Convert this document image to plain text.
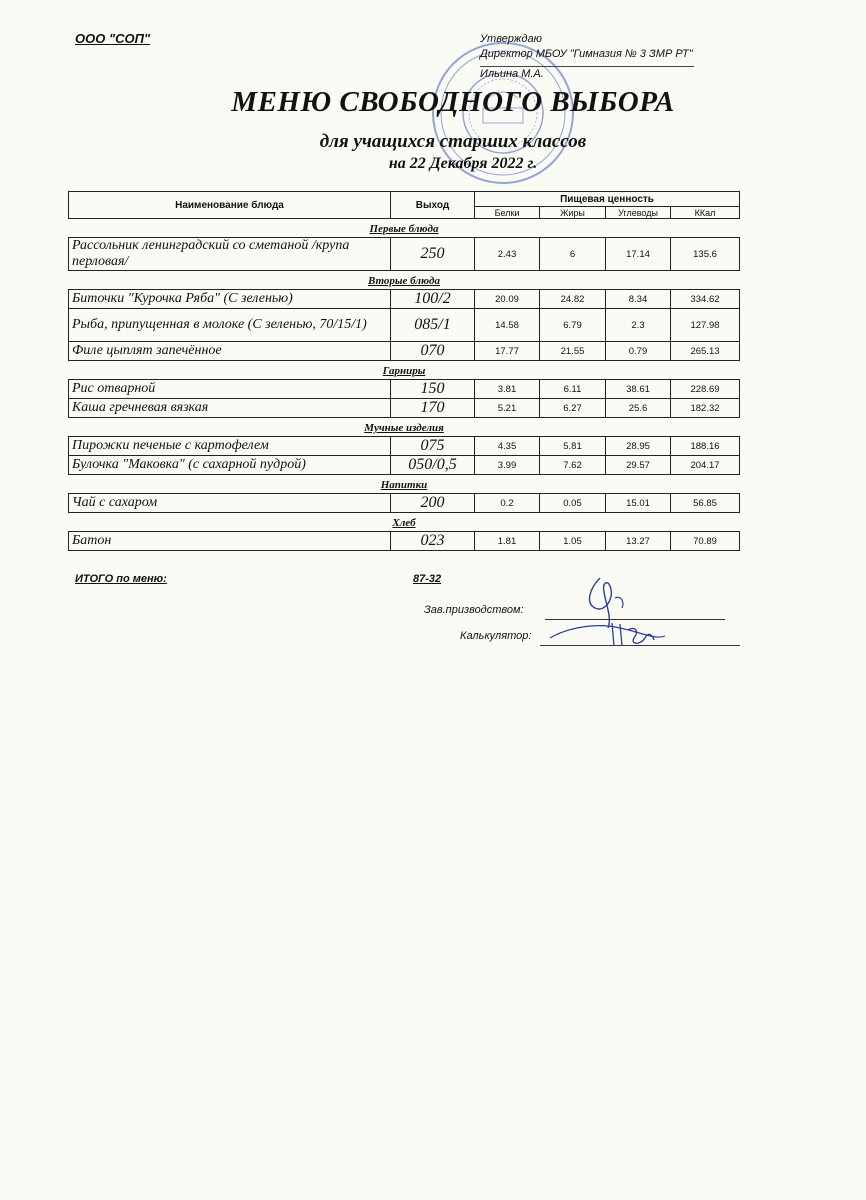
ООО "СОП"	Утверждаю
Директор МБОУ "Гимназия № 3 ЗМР РТ"
Ильина М.А.
МЕНЮ СВОБОДНОГО ВЫБОРА
для учащихся старших классов
на 22 Декабря 2022 г.
Наименование блюда	Выход	Пищевая ценность			
		Белки	Жиры	Углеводы	ККал
Первые блюда					
Рассольник ленинградский со сметаной /крупа перловая/	250	2.43	6	17.14	135.6
Вторые блюда					
Биточки "Курочка Ряба" (С зеленью)	100/2	20.09	24.82	8.34	334.62
Рыба, припущенная в молоке (С зеленью, 70/15/1)	085/1	14.58	6.79	2.3	127.98
Филе цыплят запечённое	070	17.77	21.55	0.79	265.13
Гарниры					
Рис отварной	150	3.81	6.11	38.61	228.69
Каша гречневая вязкая	170	5.21	6.27	25.6	182.32
Мучные изделия					
Пирожки печеные с картофелем	075	4.35	5.81	28.95	188.16
Булочка "Маковка" (с сахарной пудрой)	050/0,5	3.99	7.62	29.57	204.17
Напитки					
Чай с сахаром	200	0.2	0.05	15.01	56.85
Хлеб					
Батон	023	1.81	1.05	13.27	70.89
ИТОГО по меню:	87-32
Зав.призводством:
Калькулятор:
